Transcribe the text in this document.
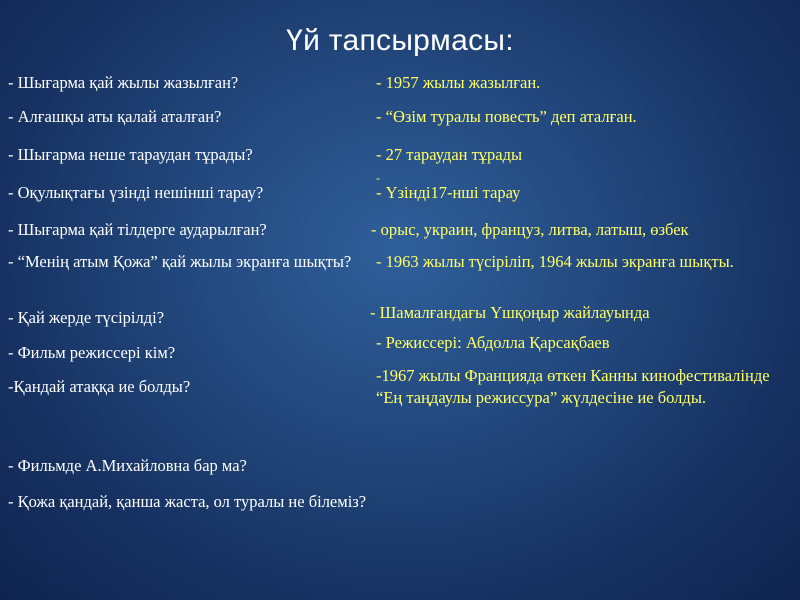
Үй тапсырмасы:
- Шығарма қай жылы жазылған?
- Алғашқы аты қалай аталған?
- Шығарма неше тараудан тұрады?
- Оқулықтағы үзінді нешінші тарау?
- Шығарма қай тілдерге аударылған?
- “Менің атым Қожа” қай жылы экранға шықты?
- Қай жерде түсірілді?
- Фильм режиссері кім?
-Қандай атаққа ие болды?
- Фильмде А.Михайловна бар ма?
- Қожа қандай, қанша жаста, ол туралы не білеміз?
- 1957 жылы жазылған.
- “Өзім туралы повесть” деп аталған.
- 27 тараудан тұрады
-
- Үзінді17-нші тарау
- орыс, украин, француз, литва, латыш, өзбек
- 1963 жылы түсіріліп, 1964 жылы экранға шықты.
- Шамалғандағы Үшқоңыр жайлауында
- Режиссері: Абдолла Қарсақбаев
-1967 жылы Францияда өткен Канны кинофестивалінде “Ең таңдаулы режиссура” жүлдесіне ие болды.
